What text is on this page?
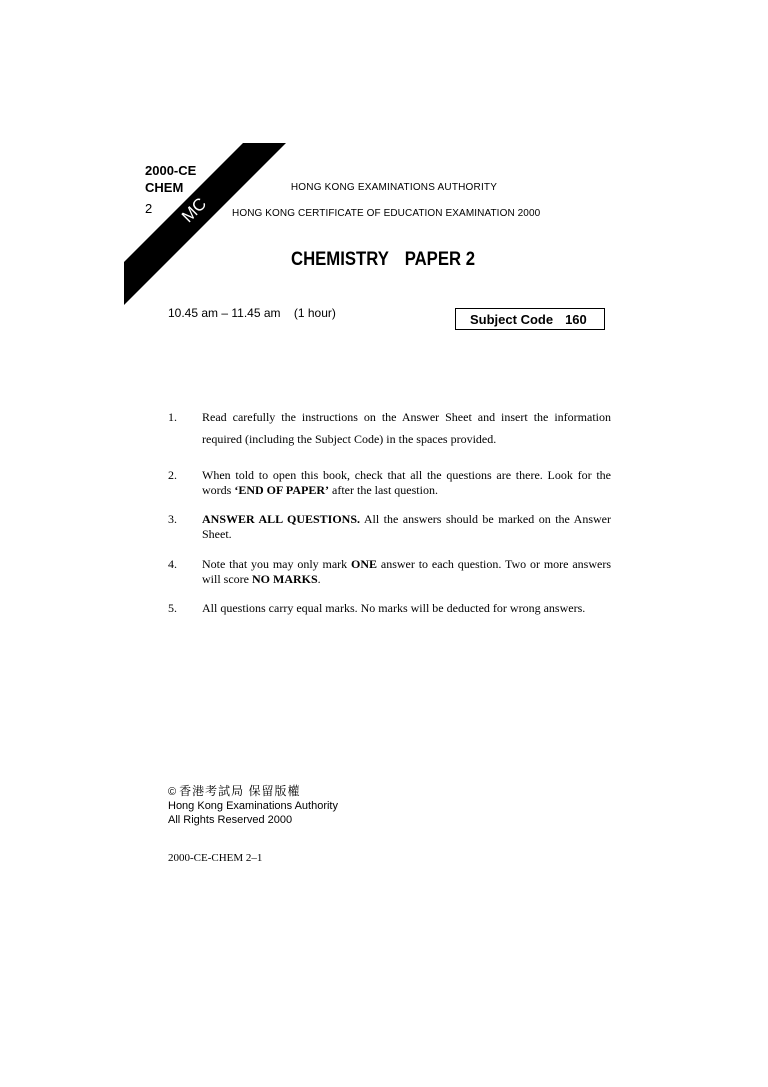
MC
2000-CE
CHEM
2
HONG KONG EXAMINATIONS AUTHORITY
HONG KONG CERTIFICATE OF EDUCATION EXAMINATION 2000
CHEMISTRY PAPER 2
10.45 am – 11.45 am    (1 hour)	Subject Code 160
1. Read carefully the instructions on the Answer Sheet and insert the information required (including the Subject Code) in the spaces provided.
2. When told to open this book, check that all the questions are there. Look for the words ‘END OF PAPER’ after the last question.
3. ANSWER ALL QUESTIONS. All the answers should be marked on the Answer Sheet.
4. Note that you may only mark ONE answer to each question. Two or more answers will score NO MARKS.
5. All questions carry equal marks. No marks will be deducted for wrong answers.
© 香港考試局 保留版權
Hong Kong Examinations Authority
All Rights Reserved 2000
2000-CE-CHEM 2–1
